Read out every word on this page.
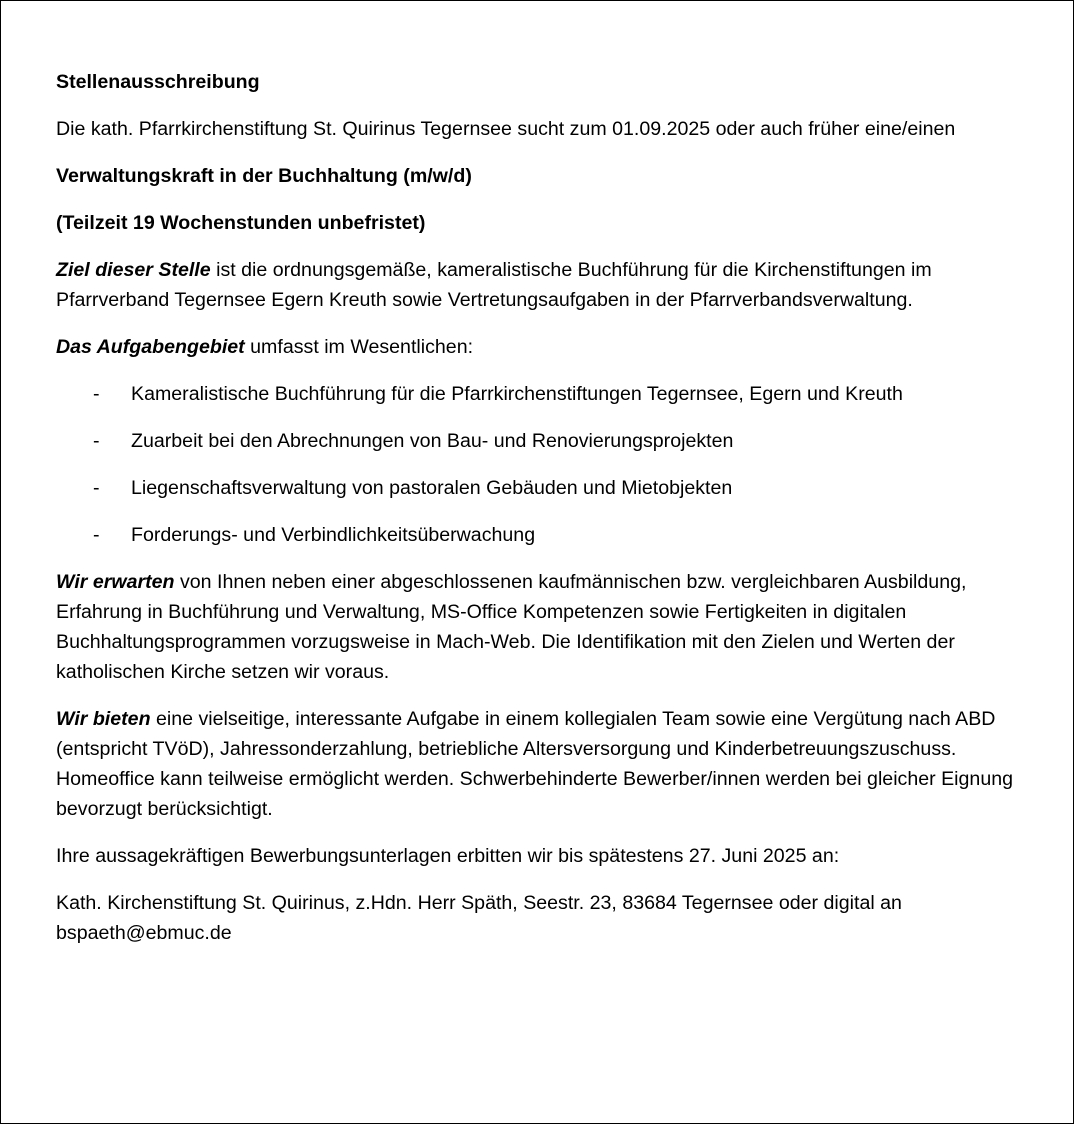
Stellenausschreibung

Die kath. Pfarrkirchenstiftung St. Quirinus Tegernsee sucht zum 01.09.2025 oder auch früher eine/einen

Verwaltungskraft in der Buchhaltung (m/w/d)

(Teilzeit 19 Wochenstunden unbefristet)

Ziel dieser Stelle ist die ordnungsgemäße, kameralistische Buchführung für die Kirchenstiftungen im Pfarrverband Tegernsee Egern Kreuth sowie Vertretungsaufgaben in der Pfarrverbandsverwaltung.

Das Aufgabengebiet umfasst im Wesentlichen:

- Kameralistische Buchführung für die Pfarrkirchenstiftungen Tegernsee, Egern und Kreuth
- Zuarbeit bei den Abrechnungen von Bau- und Renovierungsprojekten
- Liegenschaftsverwaltung von pastoralen Gebäuden und Mietobjekten
- Forderungs- und Verbindlichkeitsüberwachung

Wir erwarten von Ihnen neben einer abgeschlossenen kaufmännischen bzw. vergleichbaren Ausbildung, Erfahrung in Buchführung und Verwaltung, MS-Office Kompetenzen sowie Fertigkeiten in digitalen Buchhaltungsprogrammen vorzugsweise in Mach-Web. Die Identifikation mit den Zielen und Werten der katholischen Kirche setzen wir voraus.

Wir bieten eine vielseitige, interessante Aufgabe in einem kollegialen Team sowie eine Vergütung nach ABD (entspricht TVöD), Jahressonderzahlung, betriebliche Altersversorgung und Kinderbetreuungszuschuss. Homeoffice kann teilweise ermöglicht werden. Schwerbehinderte Bewerber/innen werden bei gleicher Eignung bevorzugt berücksichtigt.

Ihre aussagekräftigen Bewerbungsunterlagen erbitten wir bis spätestens 27. Juni 2025 an:

Kath. Kirchenstiftung St. Quirinus, z.Hdn. Herr Späth, Seestr. 23, 83684 Tegernsee oder digital an bspaeth@ebmuc.de
